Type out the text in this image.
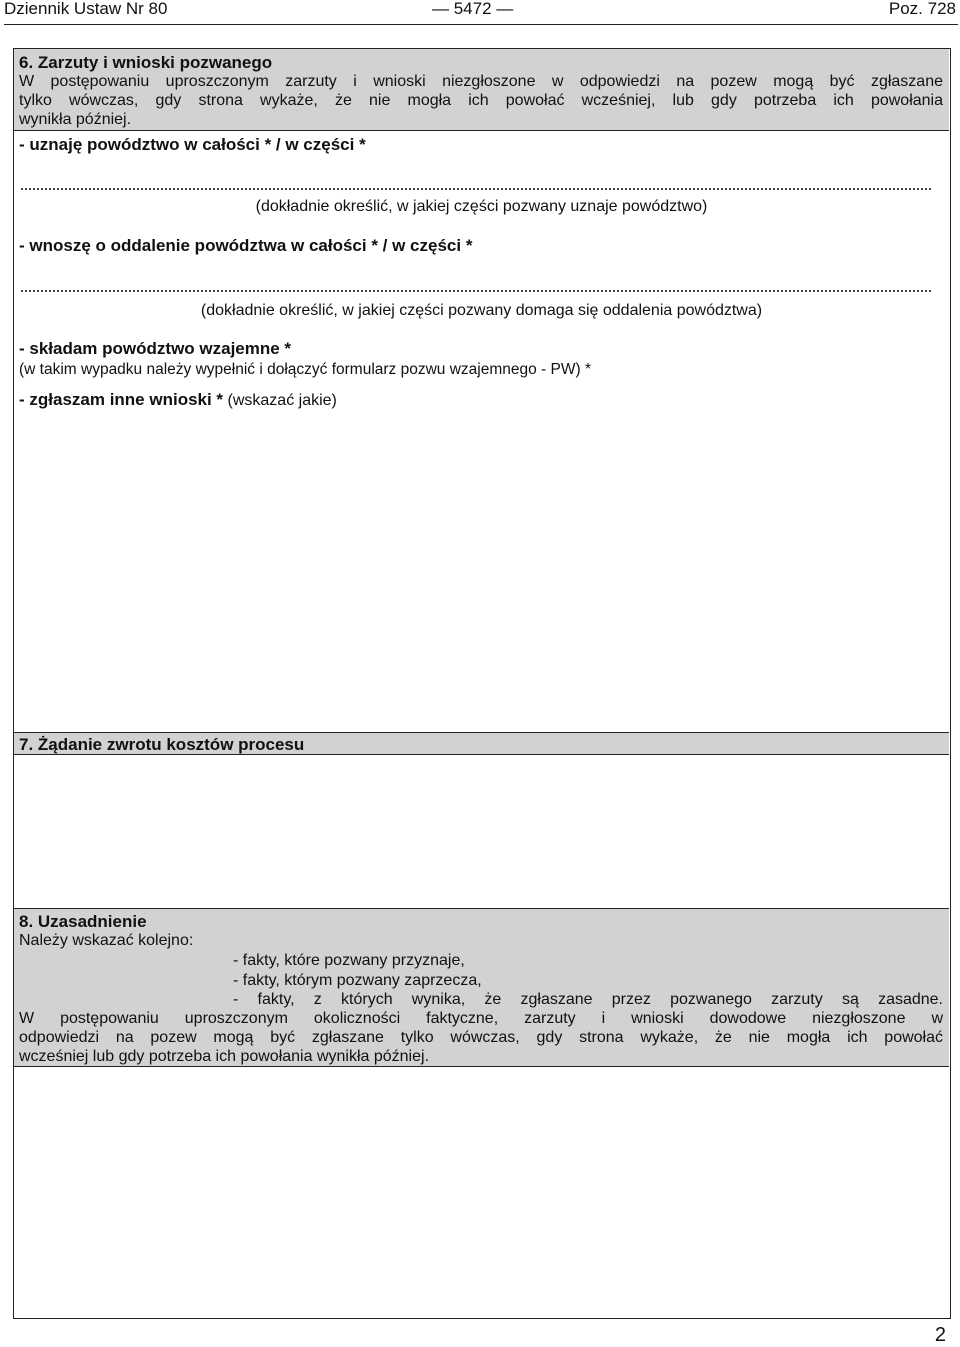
Dziennik Ustaw Nr 80	— 5472 —	Poz. 728
6. Zarzuty i wnioski pozwanego
W postępowaniu uproszczonym zarzuty i wnioski niezgłoszone w odpowiedzi na pozew mogą być zgłaszane
tylko wówczas, gdy strona wykaże, że nie mogła ich powołać wcześniej, lub gdy potrzeba ich powołania
wynikła później.
- uznaję powództwo w całości * / w części *
(dokładnie określić, w jakiej części pozwany uznaje powództwo)
- wnoszę o oddalenie powództwa w całości * / w części *
(dokładnie określić, w jakiej części pozwany domaga się oddalenia powództwa)
- składam powództwo wzajemne *
(w takim wypadku należy wypełnić i dołączyć formularz pozwu wzajemnego - PW) *
- zgłaszam inne wnioski * (wskazać jakie)
7. Żądanie zwrotu kosztów procesu
8. Uzasadnienie
Należy wskazać kolejno:
- fakty, które pozwany przyznaje,
- fakty, którym pozwany zaprzecza,
- fakty, z których wynika, że zgłaszane przez pozwanego zarzuty są zasadne.
W postępowaniu uproszczonym okoliczności faktyczne, zarzuty i wnioski dowodowe niezgłoszone w
odpowiedzi na pozew mogą być zgłaszane tylko wówczas, gdy strona wykaże, że nie mogła ich powołać
wcześniej lub gdy potrzeba ich powołania wynikła później.
2
